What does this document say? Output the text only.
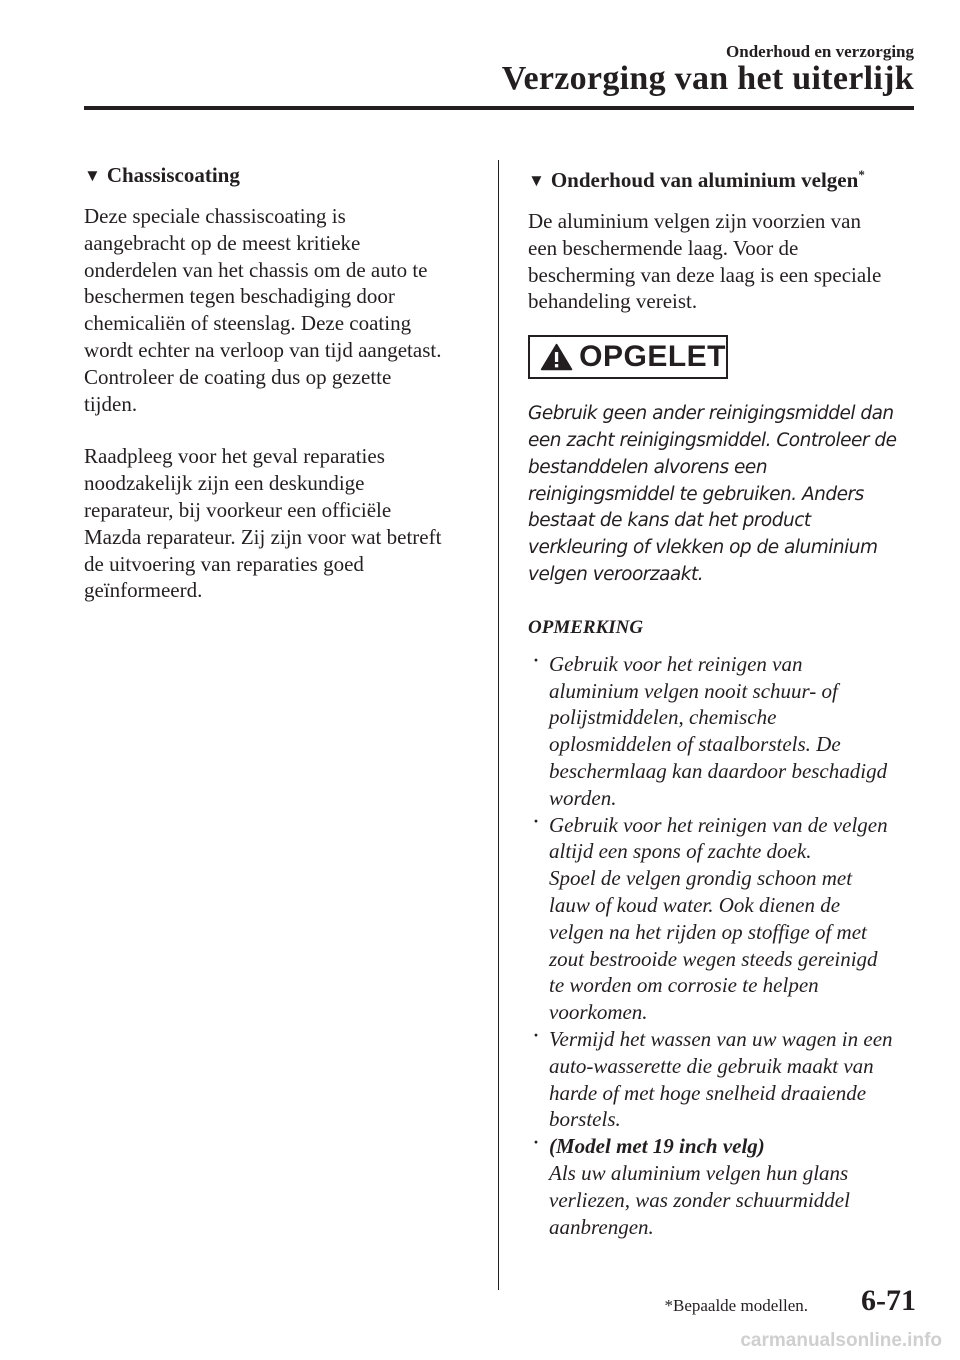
Onderhoud en verzorging
Verzorging van het uiterlijk
▼ Chassiscoating

Deze speciale chassiscoating is
aangebracht op de meest kritieke
onderdelen van het chassis om de auto te
beschermen tegen beschadiging door
chemicaliën of steenslag. Deze coating
wordt echter na verloop van tijd aangetast.
Controleer de coating dus op gezette
tijden.

Raadpleeg voor het geval reparaties
noodzakelijk zijn een deskundige
reparateur, bij voorkeur een officiële
Mazda reparateur. Zij zijn voor wat betreft
de uitvoering van reparaties goed
geïnformeerd.

▼ Onderhoud van aluminium velgen*

De aluminium velgen zijn voorzien van
een beschermende laag. Voor de
bescherming van deze laag is een speciale
behandeling vereist.

OPGELET

Gebruik geen ander reinigingsmiddel dan
een zacht reinigingsmiddel. Controleer de
bestanddelen alvorens een
reinigingsmiddel te gebruiken. Anders
bestaat de kans dat het product
verkleuring of vlekken op de aluminium
velgen veroorzaakt.

OPMERKING

· Gebruik voor het reinigen van
aluminium velgen nooit schuur- of
polijstmiddelen, chemische
oplosmiddelen of staalborstels. De
beschermlaag kan daardoor beschadigd
worden.
· Gebruik voor het reinigen van de velgen
altijd een spons of zachte doek.
Spoel de velgen grondig schoon met
lauw of koud water. Ook dienen de
velgen na het rijden op stoffige of met
zout bestrooide wegen steeds gereinigd
te worden om corrosie te helpen
voorkomen.
· Vermijd het wassen van uw wagen in een
auto-wasserette die gebruik maakt van
harde of met hoge snelheid draaiende
borstels.
· (Model met 19 inch velg)
Als uw aluminium velgen hun glans
verliezen, was zonder schuurmiddel
aanbrengen.
*Bepaalde modellen. 6-71
carmanualsonline.info
